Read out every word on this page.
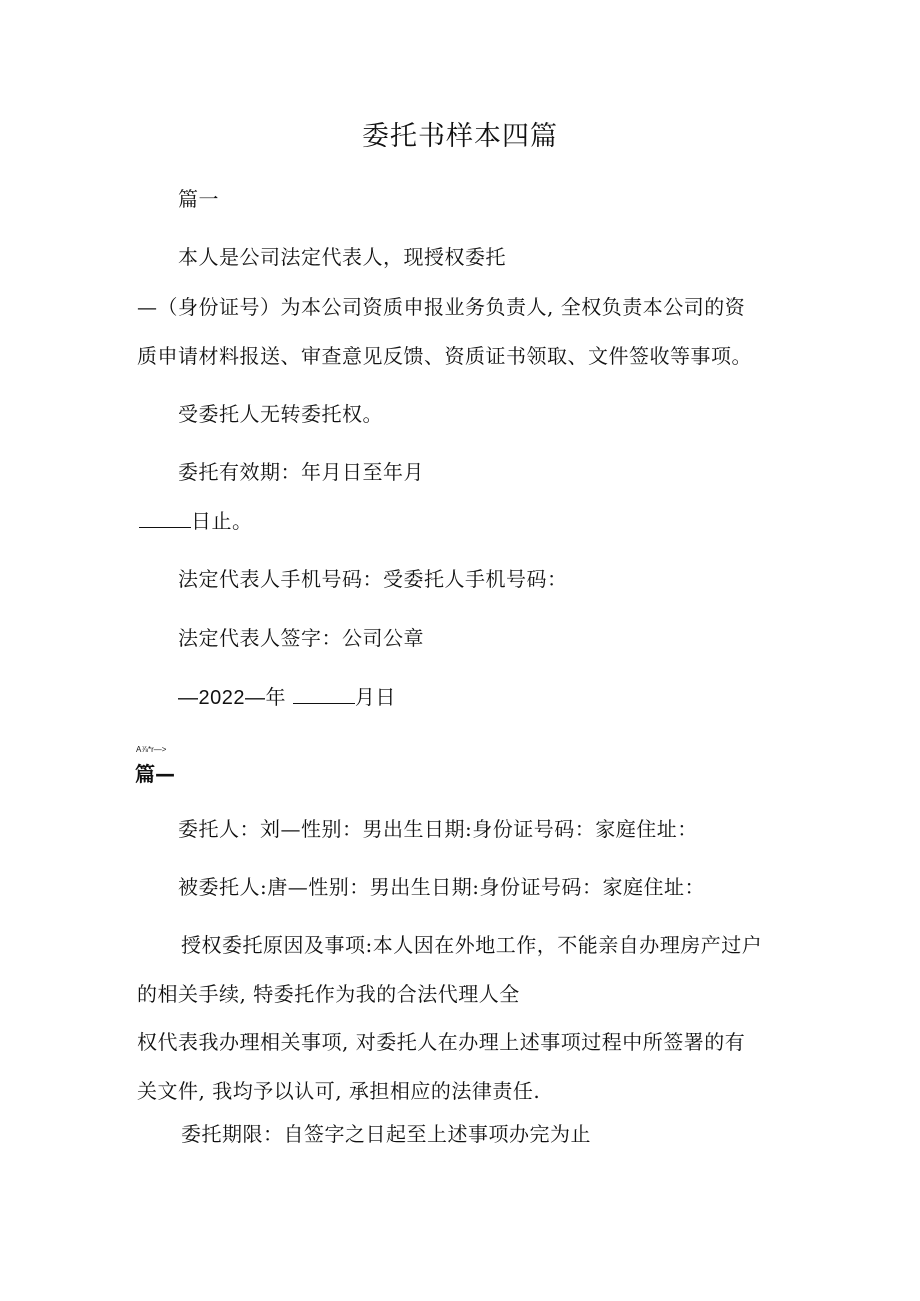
委托书样本四篇
篇一
本人是公司法定代表人，现授权委托
—（身份证号）为本公司资质申报业务负责人, 全权负责本公司的资
质申请材料报送、审查意见反馈、资质证书领取、文件签收等事项。
受委托人无转委托权。
委托有效期：年月日至年月
日止。
法定代表人手机号码：受委托人手机号码：
法定代表人签字：公司公章
—2022—年	月日
A⅞*r—>
篇—
委托人：刘—性别：男出生日期:身份证号码：家庭住址：
被委托人:唐—性别：男出生日期:身份证号码：家庭住址：
授权委托原因及事项:本人因在外地工作，不能亲自办理房产过户
的相关手续, 特委托作为我的合法代理人全
权代表我办理相关事项, 对委托人在办理上述事项过程中所签署的有
关文件, 我均予以认可, 承担相应的法律责任.
委托期限：自签字之日起至上述事项办完为止
